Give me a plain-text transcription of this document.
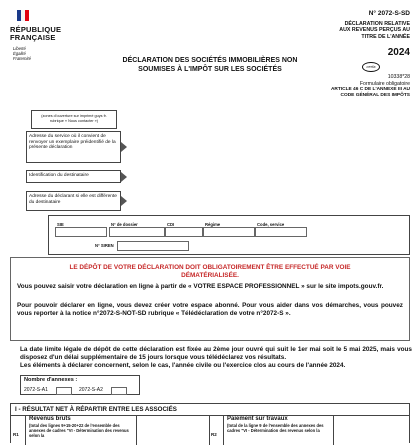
RÉPUBLIQUE
FRANÇAISE
Liberté
Égalité
Fraternité	DÉCLARATION DES SOCIÉTÉS IMMOBILIÈRES NON
SOUMISES À L'IMPÔT SUR LES SOCIÉTÉS
N° 2072-S-SD
DÉCLARATION RELATIVE
AUX REVENUS PERÇUS AU
TITRE DE L'ANNÉE
2024
cerfa
10338*28
Formulaire obligatoire
ARTICLE 46 C DE L'ANNEXE III AU
CODE GÉNÉRAL DES IMPÔTS
(zones d'ouverture sur imprimé guys fr. rubrique « Nous contacter »)
Adresse du service où il convient de renvoyer un exemplaire préidentifié de la présente déclaration
Identification du destinataire
Adresse du déclarant si elle est différente du destinataire
SIE	N° de dossier	CDI	Régime	Code, service
N° SIREN
LE DÉPÔT DE VOTRE DÉCLARATION DOIT OBLIGATOIREMENT ÊTRE EFFECTUÉ PAR VOIE
DÉMATÉRIALISÉE.
Vous pouvez saisir votre déclaration en ligne à partir de « VOTRE ESPACE PROFESSIONNEL » sur le site impots.gouv.fr.
Pour pouvoir déclarer en ligne, vous devez créer votre espace abonné. Pour vous aider dans vos démarches, vous pouvez vous reporter à la notice n°2072-S-NOT-SD rubrique « Télédéclaration de votre n°2072-S ».
La date limite légale de dépôt de cette déclaration est fixée au 2ème jour ouvré qui suit le 1er mai soit le 5 mai 2025, mais vous disposez d'un délai supplémentaire de 15 jours lorsque vous télédéclarez vos résultats.
Les éléments à déclarer concernent, selon le cas, l'année civile ou l'exercice clos au cours de l'année 2024.
Nombre d'annexes :
2072-S-A1	2072-S-A2
I - RÉSULTAT NET À RÉPARTIR ENTRE LES ASSOCIÉS
R1
Revenus bruts
(total des lignes 9+15-20+22 de l'ensemble des annexes de cadres "VI - Détermination des revenus selon la	R2
Paiement sur travaux
(total de la ligne 9 de l'ensemble des annexes des cadres "VI - Détermination des revenus selon la
